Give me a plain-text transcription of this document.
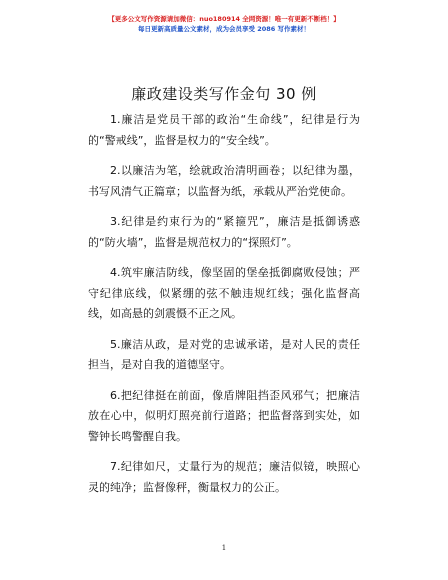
【更多公文写作资源请加微信：nuo180914 全网资源！唯一有更新不断档！】
每日更新高质量公文素材，成为会员享受 2086 写作素材！
廉政建设类写作金句 30 例

1.廉洁是党员干部的政治“生命线”，纪律是行为的“警戒线”，监督是权力的“安全线”。

2.以廉洁为笔，绘就政治清明画卷；以纪律为墨，书写风清气正篇章；以监督为纸，承载从严治党使命。

3.纪律是约束行为的“紧箍咒”，廉洁是抵御诱惑的“防火墙”，监督是规范权力的“探照灯”。

4.筑牢廉洁防线，像坚固的堡垒抵御腐败侵蚀；严守纪律底线，似紧绷的弦不触违规红线；强化监督高线，如高悬的剑震慑不正之风。

5.廉洁从政，是对党的忠诚承诺，是对人民的责任担当，是对自我的道德坚守。

6.把纪律挺在前面，像盾牌阻挡歪风邪气；把廉洁放在心中，似明灯照亮前行道路；把监督落到实处，如警钟长鸣警醒自我。

7.纪律如尺，丈量行为的规范；廉洁似镜，映照心灵的纯净；监督像秤，衡量权力的公正。

1
